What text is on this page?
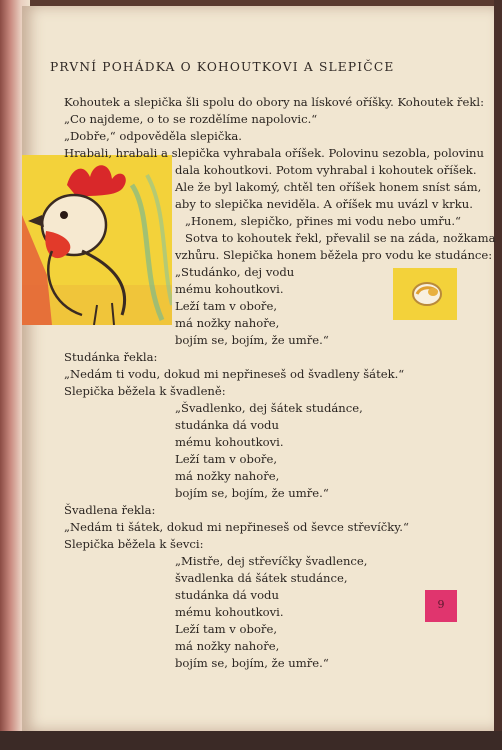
PRVNÍ POHÁDKA O KOHOUTKOVI A SLEPIČCE
Kohoutek a slepička šli spolu do obory na lískové oříšky. Kohoutek řekl:
„Co najdeme, o to se rozdělíme napolovic.“
„Dobře,“ odpověděla slepička.
Hrabali, hrabali a slepička vyhrabala oříšek. Polovinu sezobla, polovinu
dala kohoutkovi. Potom vyhrabal i kohoutek oříšek.
Ale že byl lakomý, chtěl ten oříšek honem sníst sám,
aby to slepička neviděla. A oříšek mu uvázl v krku.
„Honem, slepičko, přines mi vodu nebo umřu.“
Sotva to kohoutek řekl, převalil se na záda, nožkama
vzhůru. Slepička honem běžela pro vodu ke studánce:
„Studánko, dej vodu
mému kohoutkovi.
Leží tam v oboře,
má nožky nahoře,
bojím se, bojím, že umře.“
Studánka řekla:
„Nedám ti vodu, dokud mi nepřineseš od švadleny šátek.“
Slepička běžela k švadleně:
„Švadlenko, dej šátek studánce,
studánka dá vodu
mému kohoutkovi.
Leží tam v oboře,
má nožky nahoře,
bojím se, bojím, že umře.“
Švadlena řekla:
„Nedám ti šátek, dokud mi nepřineseš od ševce střevíčky.“
Slepička běžela k ševci:
„Mistře, dej střevíčky švadlence,
švadlenka dá šátek studánce,
studánka dá vodu
mému kohoutkovi.
Leží tam v oboře,
má nožky nahoře,
bojím se, bojím, že umře.“
9
